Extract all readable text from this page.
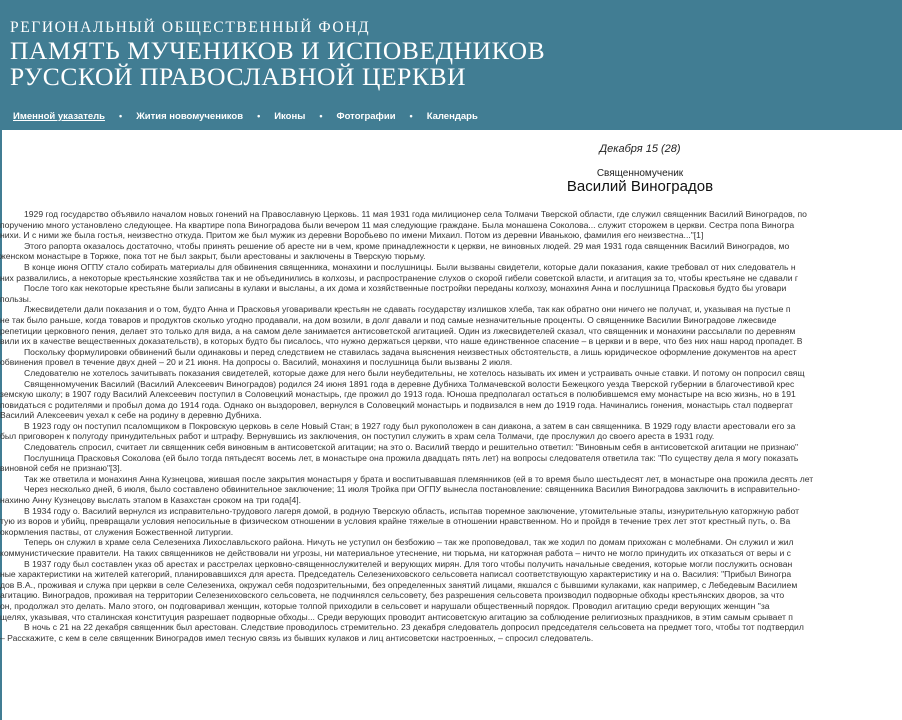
РЕГИОНАЛЬНЫЙ ОБЩЕСТВЕННЫЙ ФОНД
ПАМЯТЬ МУЧЕНИКОВ И ИСПОВЕДНИКОВ
РУССКОЙ ПРАВОСЛАВНОЙ ЦЕРКВИ
Именной указатель • Жития новомучеников • Иконы • Фотографии • Календарь
Декабря 15 (28)
Священномученик
Василий Виноградов
1929 год государство объявило началом новых гонений на Православную Церковь. 11 мая 1931 года милиционер села Толмачи Тверской области, где служил священник Василий Виноградов, по
поручению много установлено следующее. На квартире попа Виноградова были вечером 11 мая следующие граждане. Была монашена Соколова... служит сторожем в церкви. Сестра попа Виногра
нихи. И с ними же была гостья, неизвестно откуда. Притом же был мужик из деревни Воробьево по имени Михаил. Потом из деревни Иванькою, фамилия его неизвестна..."[1]
Этого рапорта оказалось достаточно, чтобы принять решение об аресте ни в чем, кроме принадлежности к церкви, не виновных людей. 29 мая 1931 года священник Василий Виноградов, мо
женском монастыре в Торжке, пока тот не был закрыт, были арестованы и заключены в Тверскую тюрьму.
В конце июня ОГПУ стало собирать материалы для обвинения священника, монахини и послушницы. Были вызваны свидетели, которые дали показания, какие требовал от них следователь н
них развалились, а некоторые крестьянские хозяйства так и не объединились в колхозы, и распространение слухов о скорой гибели советской власти, и агитация за то, чтобы крестьяне не сдавали г
После того как некоторые крестьяне были записаны в кулаки и высланы, а их дома и хозяйственные постройки переданы колхозу, монахиня Анна и послушница Прасковья будто бы уговари
пользы.
Лжесвидетели дали показания и о том, будто Анна и Прасковья уговаривали крестьян не сдавать государству излишков хлеба, так как обратно они ничего не получат, и, указывая на пустые п
не так было раньше, когда товаров и продуктов сколько угодно продавали, на дом возили, в долг давали и под самые незначительные проценты. О священнике Василии Виноградове лжесвиде
репетиции церковного пения, делает это только для вида, а на самом деле занимается антисоветской агитацией. Один из лжесвидетелей сказал, что священник и монахини рассылали по деревням
вили их в качестве вещественных доказательств), в которых будто бы писалось, что нужно держаться церкви, что наше единственное спасение – в церкви и в вере, что без них наш народ пропадет. В
Поскольку формулировки обвинений были одинаковы и перед следствием не ставилась задача выяснения неизвестных обстоятельств, а лишь юридическое оформление документов на арест
обвинения провел в течение двух дней – 20 и 21 июня. На допросы о. Василий, монахиня и послушница были вызваны 2 июля.
Следователю не хотелось зачитывать показания свидетелей, которые даже для него были неубедительны, не хотелось называть их имен и устраивать очные ставки. И потому он попросил свящ
Священномученик Василий (Василий Алексеевич Виноградов) родился 24 июня 1891 года в деревне Дубниха Толмачевской волости Бежецкого уезда Тверской губернии в благочестивой крес
земскую школу; в 1907 году Василий Алексеевич поступил в Соловецкий монастырь, где прожил до 1913 года. Юноша предполагал остаться в полюбившемся ему монастыре на всю жизнь, но в 191
повидаться с родителями и пробыл дома до 1914 года. Однако он выздоровел, вернулся в Соловецкий монастырь и подвизался в нем до 1919 года. Начинались гонения, монастырь стал подвергат
Василий Алексеевич уехал к себе на родину в деревню Дубниха.
В 1923 году он поступил псаломщиком в Покровскую церковь в селе Новый Стан; в 1927 году был рукоположен в сан диакона, а затем в сан священника. В 1929 году власти арестовали его за
был приговорен к полугоду принудительных работ и штрафу. Вернувшись из заключения, он поступил служить в храм села Толмачи, где прослужил до своего ареста в 1931 году.
Следователь спросил, считает ли священник себя виновным в антисоветской агитации; на это о. Василий твердо и решительно ответил: "Виновным себя в антисоветской агитации не признаю"
Послушница Прасковья Соколова (ей было тогда пятьдесят восемь лет, в монастыре она прожила двадцать пять лет) на вопросы следователя ответила так: "По существу дела я могу показать
виновной себя не признаю"[3].
Так же ответила и монахиня Анна Кузнецова, жившая после закрытия монастыря у брата и воспитывавшая племянников (ей в то время было шестьдесят лет, в монастыре она прожила десять лет
Через несколько дней, 6 июля, было составлено обвинительное заключение; 11 июля Тройка при ОГПУ вынесла постановление: священника Василия Виноградова заключить в исправительно-
нахиню Анну Кузнецову выслать этапом в Казахстан сроком на три года[4].
В 1934 году о. Василий вернулся из исправительно-трудового лагеря домой, в родную Тверскую область, испытав тюремное заключение, утомительные этапы, изнурительную каторжную работ
тую из воров и убийц, превращали условия непосильные в физическом отношении в условия крайне тяжелые в отношении нравственном. Но и пройдя в течение трех лет этот крестный путь, о. Ва
окормления паствы, от служения Божественной литургии.
Теперь он служил в храме села Селезениха Лихославльского района. Ничуть не уступил он безбожию – так же проповедовал, так же ходил по домам прихожан с молебнами. Он служил и жил
коммунистические правители. На таких священников не действовали ни угрозы, ни материальное утеснение, ни тюрьма, ни каторжная работа – ничто не могло принудить их отказаться от веры и с
В 1937 году был составлен указ об арестах и расстрелах церковно-священнослужителей и верующих мирян. Для того чтобы получить начальные сведения, которые могли послужить основан
ные характеристики на жителей категорий, планировавшихся для ареста. Председатель Селезениховского сельсовета написал соответствующую характеристику и на о. Василия: "Прибыл Виногра
дов В.А., проживая и служа при церкви в селе Селезениха, окружал себя подозрительными, без определенных занятий лицами, якшался с бывшими кулаками, как например, с Лебедевым Василием
агитацию. Виноградов, проживая на территории Селезениховского сельсовета, не подчинялся сельсовету, без разрешения сельсовета производил подворные обходы крестьянских дворов, за что
он, продолжал это делать. Мало этого, он подговаривал женщин, которые толпой приходили в сельсовет и нарушали общественный порядок. Проводил агитацию среди верующих женщин "за
щелях, указывая, что сталинская конституция разрешает подворные обходы... Среди верующих проводит антисоветскую агитацию за соблюдение религиозных праздников, в этим самым срывает п
В ночь с 21 на 22 декабря священник был арестован. Следствие проводилось стремительно. 23 декабря следователь допросил председателя сельсовета на предмет того, чтобы тот подтвердил
– Расскажите, с кем в селе священник Виноградов имел тесную связь из бывших кулаков и лиц антисоветски настроенных, – спросил следователь.
